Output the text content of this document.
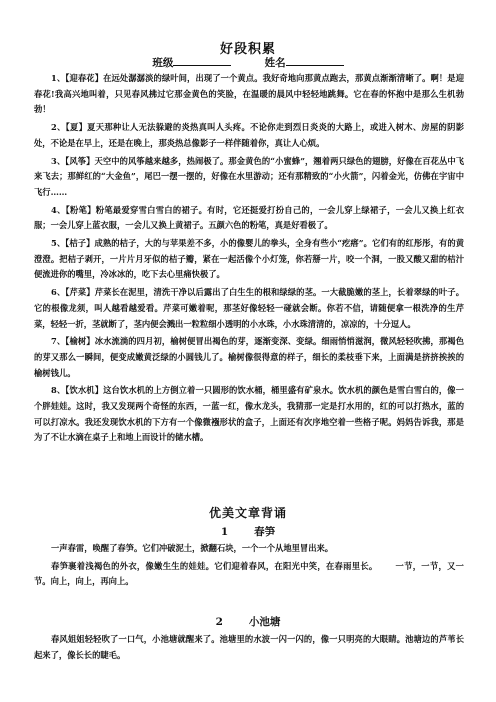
好段积累
班级	姓名

1、【迎春花】在远处潺潺淡的绿叶间，出现了一个黄点。我好奇地向那黄点跑去，那黄点渐渐清晰了。啊！是迎春花!我高兴地叫着，只见春风拂过它那金黄色的笑脸，在温暖的晨风中轻轻地跳舞。它在春的怀抱中是那么生机勃勃！

2、【夏】夏天那种让人无法躲避的炎热真叫人头疼。不论你走到烈日炎炎的大路上，或进入树木、房屋的阴影处，不论是在早上，还是在晚上，那炎热总像影子一样伴随着你，真让人心烦。

3、【风筝】天空中的风筝越来越多，热闹极了。那金黄色的“小蜜蜂”，翘着两只绿色的翅膀，好像在百花丛中飞来飞去；那鲜红的“大金鱼”，尾巴一摆一摆的，好像在水里游动；还有那精致的“小火箭”，闪着金光，仿佛在宇宙中飞行……

4、【粉笔】粉笔最爱穿雪白雪白的裙子。有时，它还挺爱打扮自己的，一会儿穿上绿裙子，一会儿又换上红衣服；一会儿穿上蓝衣服，一会儿又换上黄裙子。五颜六色的粉笔，真是好看极了。

5、【桔子】成熟的桔子，大的与苹果差不多，小的像婴儿的拳头，全身有些小“疙瘩”。它们有的红彤彤，有的黄澄澄。把桔子剥开，一片片月牙似的桔子瓣，紧在一起活像个小灯笼，你若掰一片，咬一个洞，一股又酸又甜的桔汁便流进你的嘴里，冷冰冰的，吃下去心里痛快极了。

6、【芹菜】芹菜长在泥里，清洗干净以后露出了白生生的根和绿绿的茎。一大截脆嫩的茎上，长着翠绿的叶子。它的根像龙须，叫人越看越爱看。芹菜可嫩着呢，那茎好像轻轻一碰就会断。你若不信，请随便拿一根洗净的生芹菜，轻轻一折，茎就断了，茎内便会溅出一粒粒细小透明的小水珠，小水珠清清的，凉凉的，十分逗人。

7、【榆树】冰水流淌的四月初，榆树便冒出褐色的芽，逐渐变深、变绿。细雨悄悄滋润，微风轻轻吹拂，那褐色的芽又那么一瞬间，便变成嫩黄泛绿的小圆钱儿了。榆树像很得意的样子，细长的柔枝垂下来，上面满是挤挤挨挨的榆树钱儿。

8、【饮水机】这台饮水机的上方倒立着一只圆形的饮水桶，桶里盛有矿泉水。饮水机的颜色是雪白雪白的，像一个胖娃娃。这时，我又发现两个奇怪的东西，一蓝一红，像水龙头，我猜那一定是打水用的，红的可以打热水，蓝的可以打凉水。我还发现饮水机的下方有一个像微襁形状的盒子，上面还有次序地空着一些格子呢。妈妈告诉我，那是为了不让水滴在桌子上和地上而设计的储水槽。

优美文章背诵
1 春笋

一声春雷，唤醒了春笋。它们冲破泥土，掀翻石块，一个一个从地里冒出来。

春笋裹着浅褐色的外衣，像嫩生生的娃娃。它们迎着春风，在阳光中笑，在春雨里长。 一节，一节，又一节。向上，向上，再向上。

2 小池塘

春风姐姐轻轻吹了一口气，小池塘就醒来了。池塘里的水波一闪一闪的，像一只明亮的大眼睛。池塘边的芦苇长起来了，像长长的睫毛。
